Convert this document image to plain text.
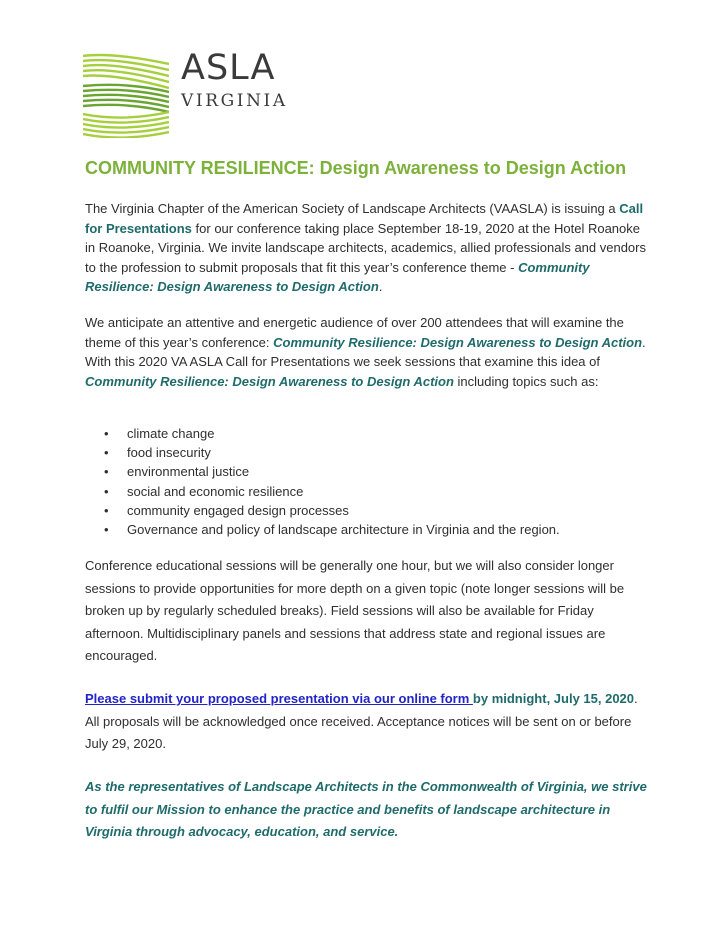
ASLA
VIRGINIA
COMMUNITY RESILIENCE: Design Awareness to Design Action

The Virginia Chapter of the American Society of Landscape Architects (VAASLA) is issuing a Call for Presentations for our conference taking place September 18-19, 2020 at the Hotel Roanoke in Roanoke, Virginia. We invite landscape architects, academics, allied professionals and vendors to the profession to submit proposals that fit this year’s conference theme - Community Resilience: Design Awareness to Design Action.

We anticipate an attentive and energetic audience of over 200 attendees that will examine the theme of this year’s conference: Community Resilience: Design Awareness to Design Action. With this 2020 VA ASLA Call for Presentations we seek sessions that examine this idea of Community Resilience: Design Awareness to Design Action including topics such as:

• climate change
• food insecurity
• environmental justice
• social and economic resilience
• community engaged design processes
• Governance and policy of landscape architecture in Virginia and the region.

Conference educational sessions will be generally one hour, but we will also consider longer sessions to provide opportunities for more depth on a given topic (note longer sessions will be broken up by regularly scheduled breaks). Field sessions will also be available for Friday afternoon. Multidisciplinary panels and sessions that address state and regional issues are encouraged.

Please submit your proposed presentation via our online form by midnight, July 15, 2020. All proposals will be acknowledged once received. Acceptance notices will be sent on or before July 29, 2020.

As the representatives of Landscape Architects in the Commonwealth of Virginia, we strive to fulfil our Mission to enhance the practice and benefits of landscape architecture in Virginia through advocacy, education, and service.
